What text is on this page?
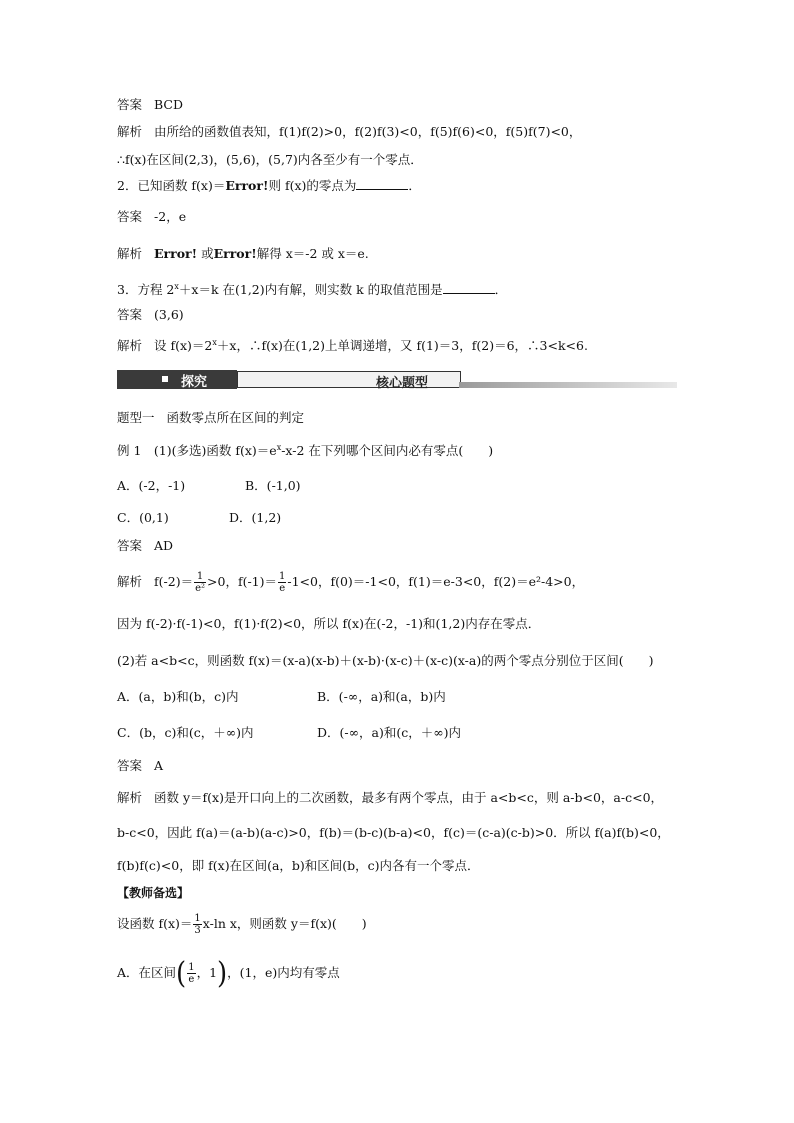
答案 BCD
解析 由所给的函数值表知，f(1)f(2)>0，f(2)f(3)<0，f(5)f(6)<0，f(5)f(7)<0，
∴f(x)在区间(2,3)，(5,6)，(5,7)内各至少有一个零点．
2．已知函数 f(x)＝Error!则 f(x)的零点为	．
答案 -2，e
解析 Error! 或Error!解得 x＝-2 或 x＝e.
3．方程 $2^x+x=k$ 在(1,2)内有解，则实数 k 的取值范围是	．
答案 (3,6)
解析 设 $f(x)=2^x+x$，∴f(x)在(1,2)上单调递增，又 f(1)＝3，f(2)＝6，∴3<k<6.
探究	核心题型
题型一 函数零点所在区间的判定
例 1　(1)(多选)函数 $f(x)=e^x-x-2$ 在下列哪个区间内必有零点(　　)
A．(-2，-1)	B．(-1,0)
C．(0,1)	D．(1,2)
答案 AD
解析 $f(-2)= \frac{1}{\text{e²}} >0$，$f(-1)= \frac{1}{e} -1<0$，f(0)＝-1<0，f(1)＝e-3<0，f(2)＝e²-4>0，
因为 f(-2)·f(-1)<0，f(1)·f(2)<0，所以 f(x)在(-2，-1)和(1,2)内存在零点．
(2)若 a<b<c，则函数 f(x)＝(x-a)(x-b)＋(x-b)·(x-c)＋(x-c)(x-a)的两个零点分别位于区间(　　)
A．(a，b)和(b，c)内	B．(-∞，a)和(a，b)内
C．(b，c)和(c，＋∞)内	D．(-∞，a)和(c，＋∞)内
答案 A
解析 函数 y＝f(x)是开口向上的二次函数，最多有两个零点，由于 a<b<c，则 a-b<0，a-c<0，
b-c<0，因此 f(a)＝(a-b)(a-c)>0，f(b)＝(b-c)(b-a)<0，f(c)＝(c-a)(c-b)>0．所以 f(a)f(b)<0，
f(b)f(c)<0，即 f(x)在区间(a，b)和区间(b，c)内各有一个零点．
【教师备选】
设函数 $f(x)= \frac{1}{3} x-\ln$ x，则函数 y＝f(x)(　　)
A．在区间( $\frac{1}{e}$ ，1)，(1，e)内均有零点
